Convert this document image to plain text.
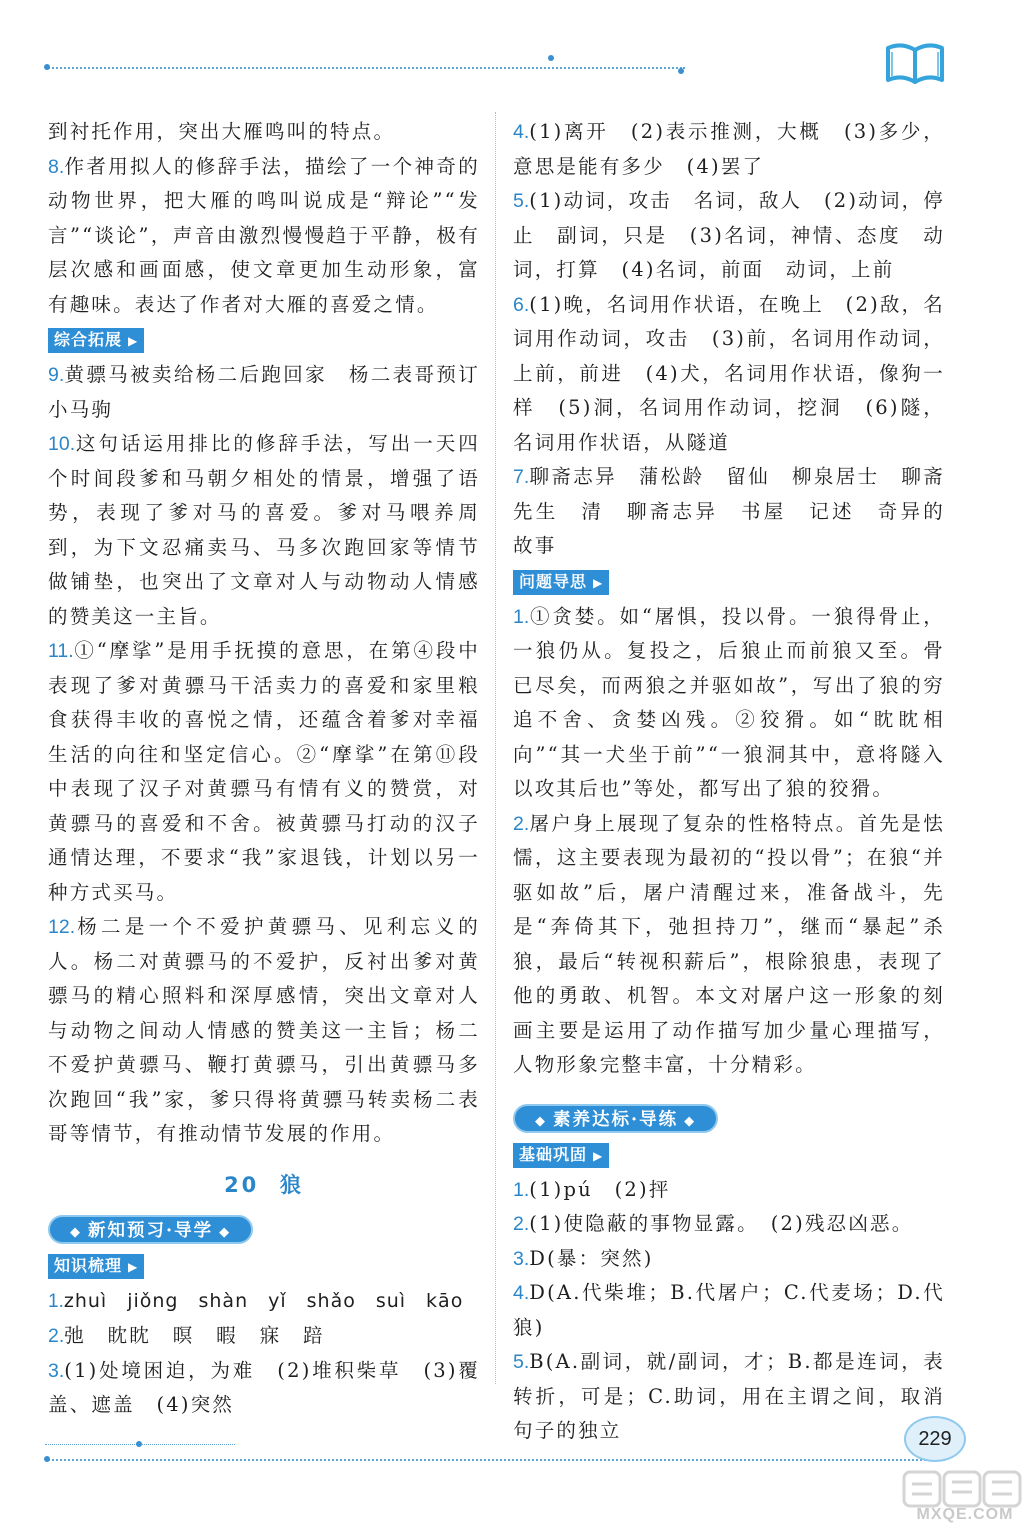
到衬托作用，突出大雁鸣叫的特点。
8.作者用拟人的修辞手法，描绘了一个神奇的动物世界，把大雁的鸣叫说成是“辩论”“发言”“谈论”，声音由激烈慢慢趋于平静，极有层次感和画面感，使文章更加生动形象，富有趣味。表达了作者对大雁的喜爱之情。
综合拓展 ▶
9.黄骠马被卖给杨二后跑回家　杨二表哥预订小马驹
10.这句话运用排比的修辞手法，写出一天四个时间段爹和马朝夕相处的情景，增强了语势，表现了爹对马的喜爱。爹对马喂养周到，为下文忍痛卖马、马多次跑回家等情节做铺垫，也突出了文章对人与动物动人情感的赞美这一主旨。
11.①“摩挲”是用手抚摸的意思，在第④段中表现了爹对黄骠马干活卖力的喜爱和家里粮食获得丰收的喜悦之情，还蕴含着爹对幸福生活的向往和坚定信心。②“摩挲”在第⑪段中表现了汉子对黄骠马有情有义的赞赏，对黄骠马的喜爱和不舍。被黄骠马打动的汉子通情达理，不要求“我”家退钱，计划以另一种方式买马。
12.杨二是一个不爱护黄骠马、见利忘义的人。杨二对黄骠马的不爱护，反衬出爹对黄骠马的精心照料和深厚感情，突出文章对人与动物之间动人情感的赞美这一主旨；杨二不爱护黄骠马、鞭打黄骠马，引出黄骠马多次跑回“我”家，爹只得将黄骠马转卖杨二表哥等情节，有推动情节发展的作用。
20 狼
◆ 新知预习·导学 ◆
知识梳理 ▶
1.zhuì　jiǒng　shàn　yǐ　shǎo　suì　kāo
2.弛　眈眈　暝　暇　寐　踣
3.(1)处境困迫，为难　(2)堆积柴草　(3)覆盖、遮盖　(4)突然
4.(1)离开　(2)表示推测，大概　(3)多少，意思是能有多少　(4)罢了
5.(1)动词，攻击　名词，敌人　(2)动词，停止　副词，只是　(3)名词，神情、态度　动词，打算　(4)名词，前面　动词，上前
6.(1)晚，名词用作状语，在晚上　(2)敌，名词用作动词，攻击　(3)前，名词用作动词，上前，前进　(4)犬，名词用作状语，像狗一样　(5)洞，名词用作动词，挖洞　(6)隧，名词用作状语，从隧道
7.聊斋志异　蒲松龄　留仙　柳泉居士　聊斋先生　清　聊斋志异　书屋　记述　奇异的故事
问题导思 ▶
1.①贪婪。如“屠惧，投以骨。一狼得骨止，一狼仍从。复投之，后狼止而前狼又至。骨已尽矣，而两狼之并驱如故”，写出了狼的穷追不舍、贪婪凶残。②狡猾。如“眈眈相向”“其一犬坐于前”“一狼洞其中，意将隧入以攻其后也”等处，都写出了狼的狡猾。
2.屠户身上展现了复杂的性格特点。首先是怯懦，这主要表现为最初的“投以骨”；在狼“并驱如故”后，屠户清醒过来，准备战斗，先是“奔倚其下，弛担持刀”，继而“暴起”杀狼，最后“转视积薪后”，根除狼患，表现了他的勇敢、机智。本文对屠户这一形象的刻画主要是运用了动作描写加少量心理描写，人物形象完整丰富，十分精彩。
◆ 素养达标·导练 ◆
基础巩固 ▶
1.(1)pú　(2)抨
2.(1)使隐蔽的事物显露。　(2)残忍凶恶。
3.D(暴：突然)
4.D(A.代柴堆；B.代屠户；C.代麦场；D.代狼)
5.B(A.副词，就/副词，才；B.都是连词，表转折，可是；C.助词，用在主谓之间，取消句子的独立	229
MXQE.COM
